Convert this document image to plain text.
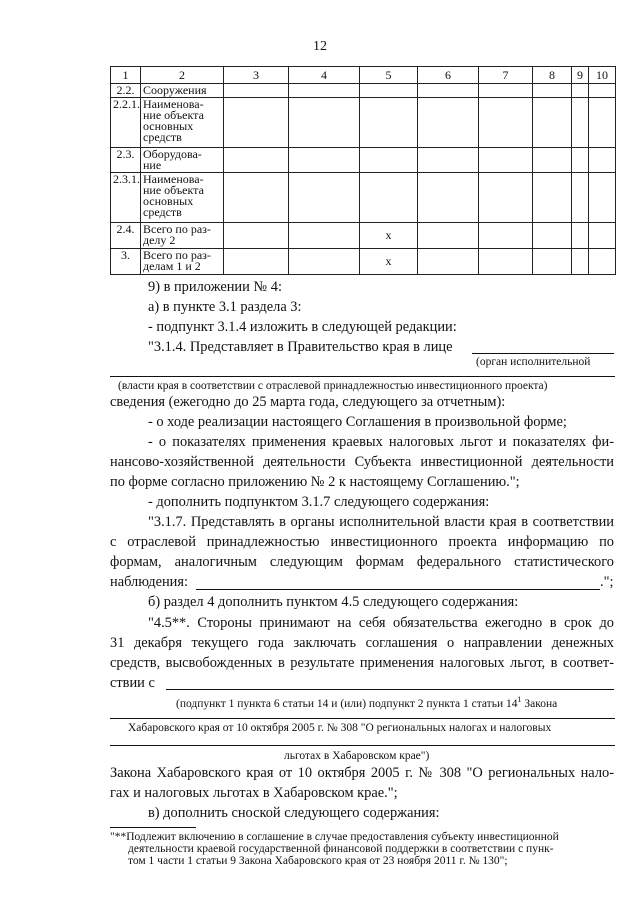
12
1	2	3	4	5	6	7	8	9	10
2.2.	Сооружения								

2.2.1.	Наименова-
ние объекта
основных
средств								

2.3.	Оборудова-
ние								

2.3.1.	Наименова-
ние объекта
основных
средств								

2.4.	Всего по раз-
делу 2			x					
3.	Всего по раз-
делам 1 и 2			x					
9) в приложении № 4:
а) в пункте 3.1 раздела 3:
- подпункт 3.1.4 изложить в следующей редакции:
"3.1.4. Представляет в Правительство края в лице
(орган исполнительной
(власти края в соответствии с отраслевой принадлежностью инвестиционного проекта)
сведения (ежегодно до 25 марта года, следующего за отчетным):
- о ходе реализации настоящего Соглашения в произвольной форме;
- о показателях применения краевых налоговых льгот и показателях фи-
нансово-хозяйственной деятельности Субъекта инвестиционной деятельности
по форме согласно приложению № 2 к настоящему Соглашению.";
- дополнить подпунктом 3.1.7 следующего содержания:
"3.1.7. Представлять в органы исполнительной власти края в соответствии
с отраслевой принадлежностью инвестиционного проекта информацию по
формам, аналогичным следующим формам федерального статистического
наблюдения:	.";
б) раздел 4 дополнить пунктом 4.5 следующего содержания:
"4.5**. Стороны принимают на себя обязательства ежегодно в срок до
31 декабря текущего года заключать соглашения о направлении денежных
средств, высвобожденных в результате применения налоговых льгот, в соответ-
ствии с
(подпункт 1 пункта 6 статьи 14 и (или) подпункт 2 пункта 1 статьи $14^1$ Закона
Хабаровского края от 10 октября 2005 г. № 308 "О региональных налогах и налоговых
льготах в Хабаровском крае")
Закона Хабаровского края от 10 октября 2005 г. № 308 "О региональных нало-
гах и налоговых льготах в Хабаровском крае.";
в) дополнить сноской следующего содержания:
"**Подлежит включению в соглашение в случае предоставления субъекту инвестиционной
деятельности краевой государственной финансовой поддержки в соответствии с пунк-
том 1 части 1 статьи 9 Закона Хабаровского края от 23 ноября 2011 г. № 130";
